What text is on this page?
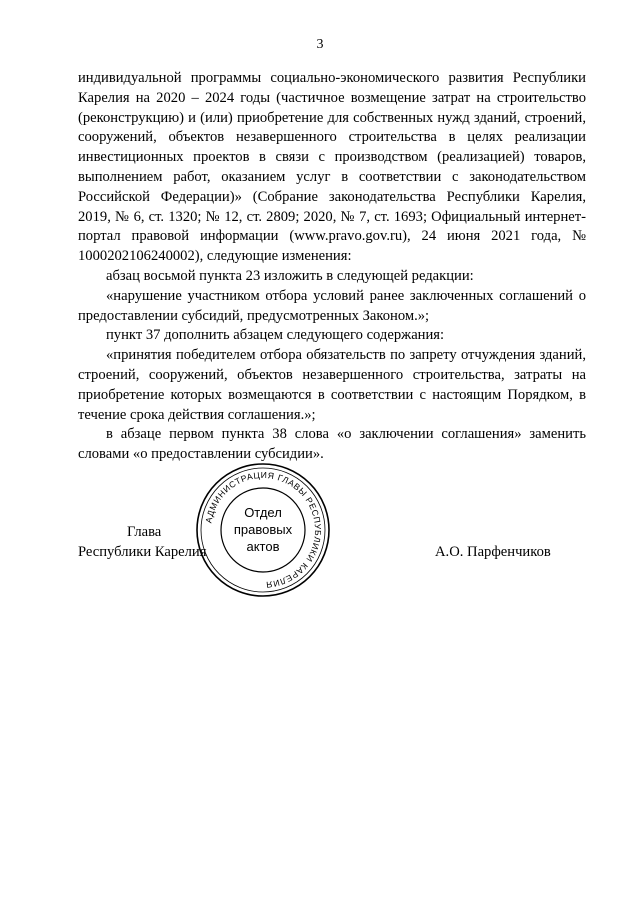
3

индивидуальной программы социально-экономического развития Республики Карелия на 2020 – 2024 годы (частичное возмещение затрат на строительство (реконструкцию) и (или) приобретение для собственных нужд зданий, строений, сооружений, объектов незавершенного строительства в целях реализации инвестиционных проектов в связи с производством (реализацией) товаров, выполнением работ, оказанием услуг в соответствии с законодательством Российской Федерации)» (Собрание законодательства Республики Карелия, 2019, № 6, ст. 1320; № 12, ст. 2809; 2020, № 7, ст. 1693; Официальный интернет-портал правовой информации (www.pravo.gov.ru), 24 июня 2021 года, № 1000202106240002), следующие изменения:

абзац восьмой пункта 23 изложить в следующей редакции:

«нарушение участником отбора условий ранее заключенных соглашений о предоставлении субсидий, предусмотренных Законом.»;

пункт 37 дополнить абзацем следующего содержания:

«принятия победителем отбора обязательств по запрету отчуждения зданий, строений, сооружений, объектов незавершенного строительства, затраты на приобретение которых возмещаются в соответствии с настоящим Порядком, в течение срока действия соглашения.»;

в абзаце первом пункта 38 слова «о заключении соглашения» заменить словами «о предоставлении субсидии».

Глава
Республики Карелия	А.О. Парфенчиков
АДМИНИСТРАЦИЯ ГЛАВЫ РЕСПУБЛИКИ КАРЕЛИЯ
Отдел
правовых
актов
